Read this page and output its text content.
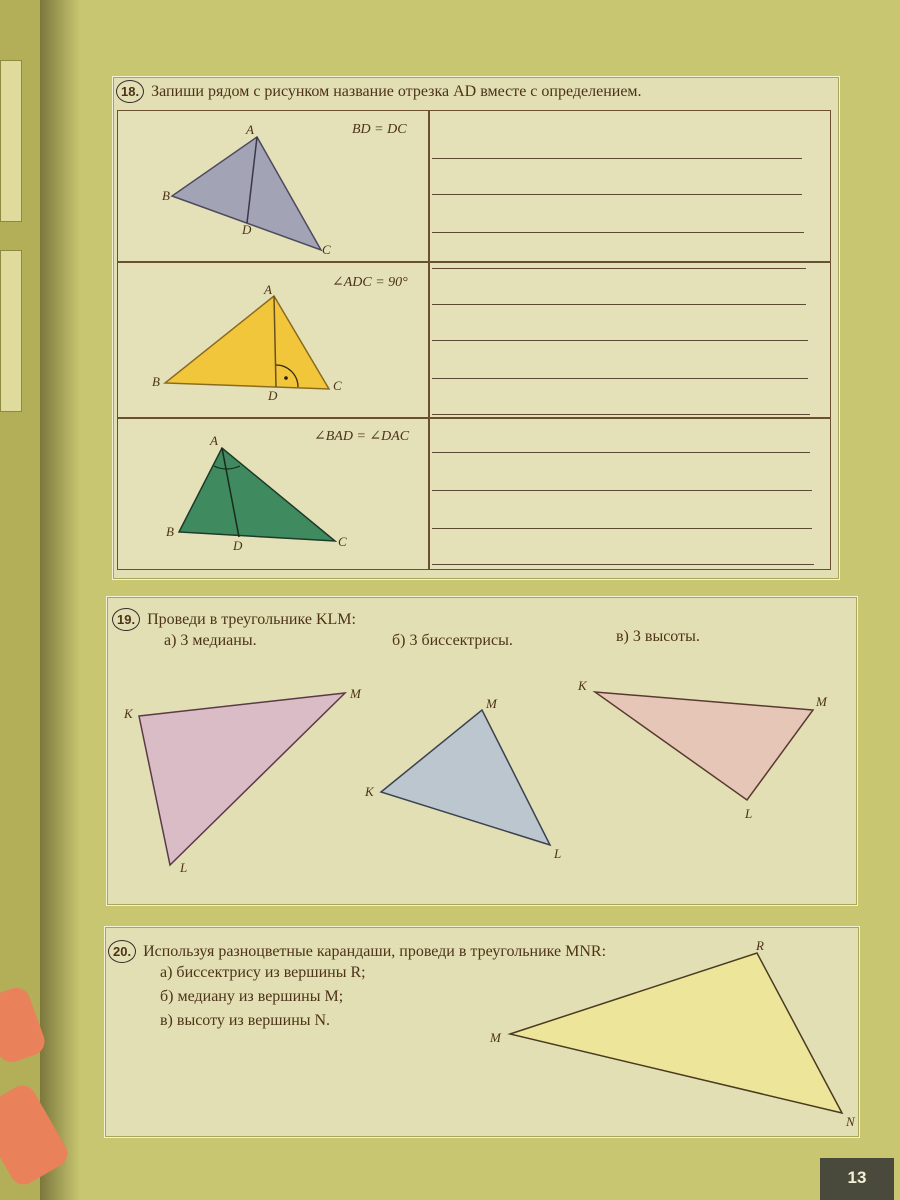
18. Запиши рядом с рисунком название отрезка AD вместе с определением.
BD = DC
A
B
C
D
∠ADC = 90°
A
B	C
D
∠BAD = ∠DAC
A
B
C
D
19. Проведи в треугольнике KLM:
а) 3 медианы.	б) 3 биссектрисы.	в) 3 высоты.
K
M
L
K
M
L
K
M
L
20. Используя разноцветные карандаши, проведи в треугольнике MNR:
а) биссектрису из вершины R;
б) медиану из вершины M;
в) высоту из вершины N.
M
N
R
13
